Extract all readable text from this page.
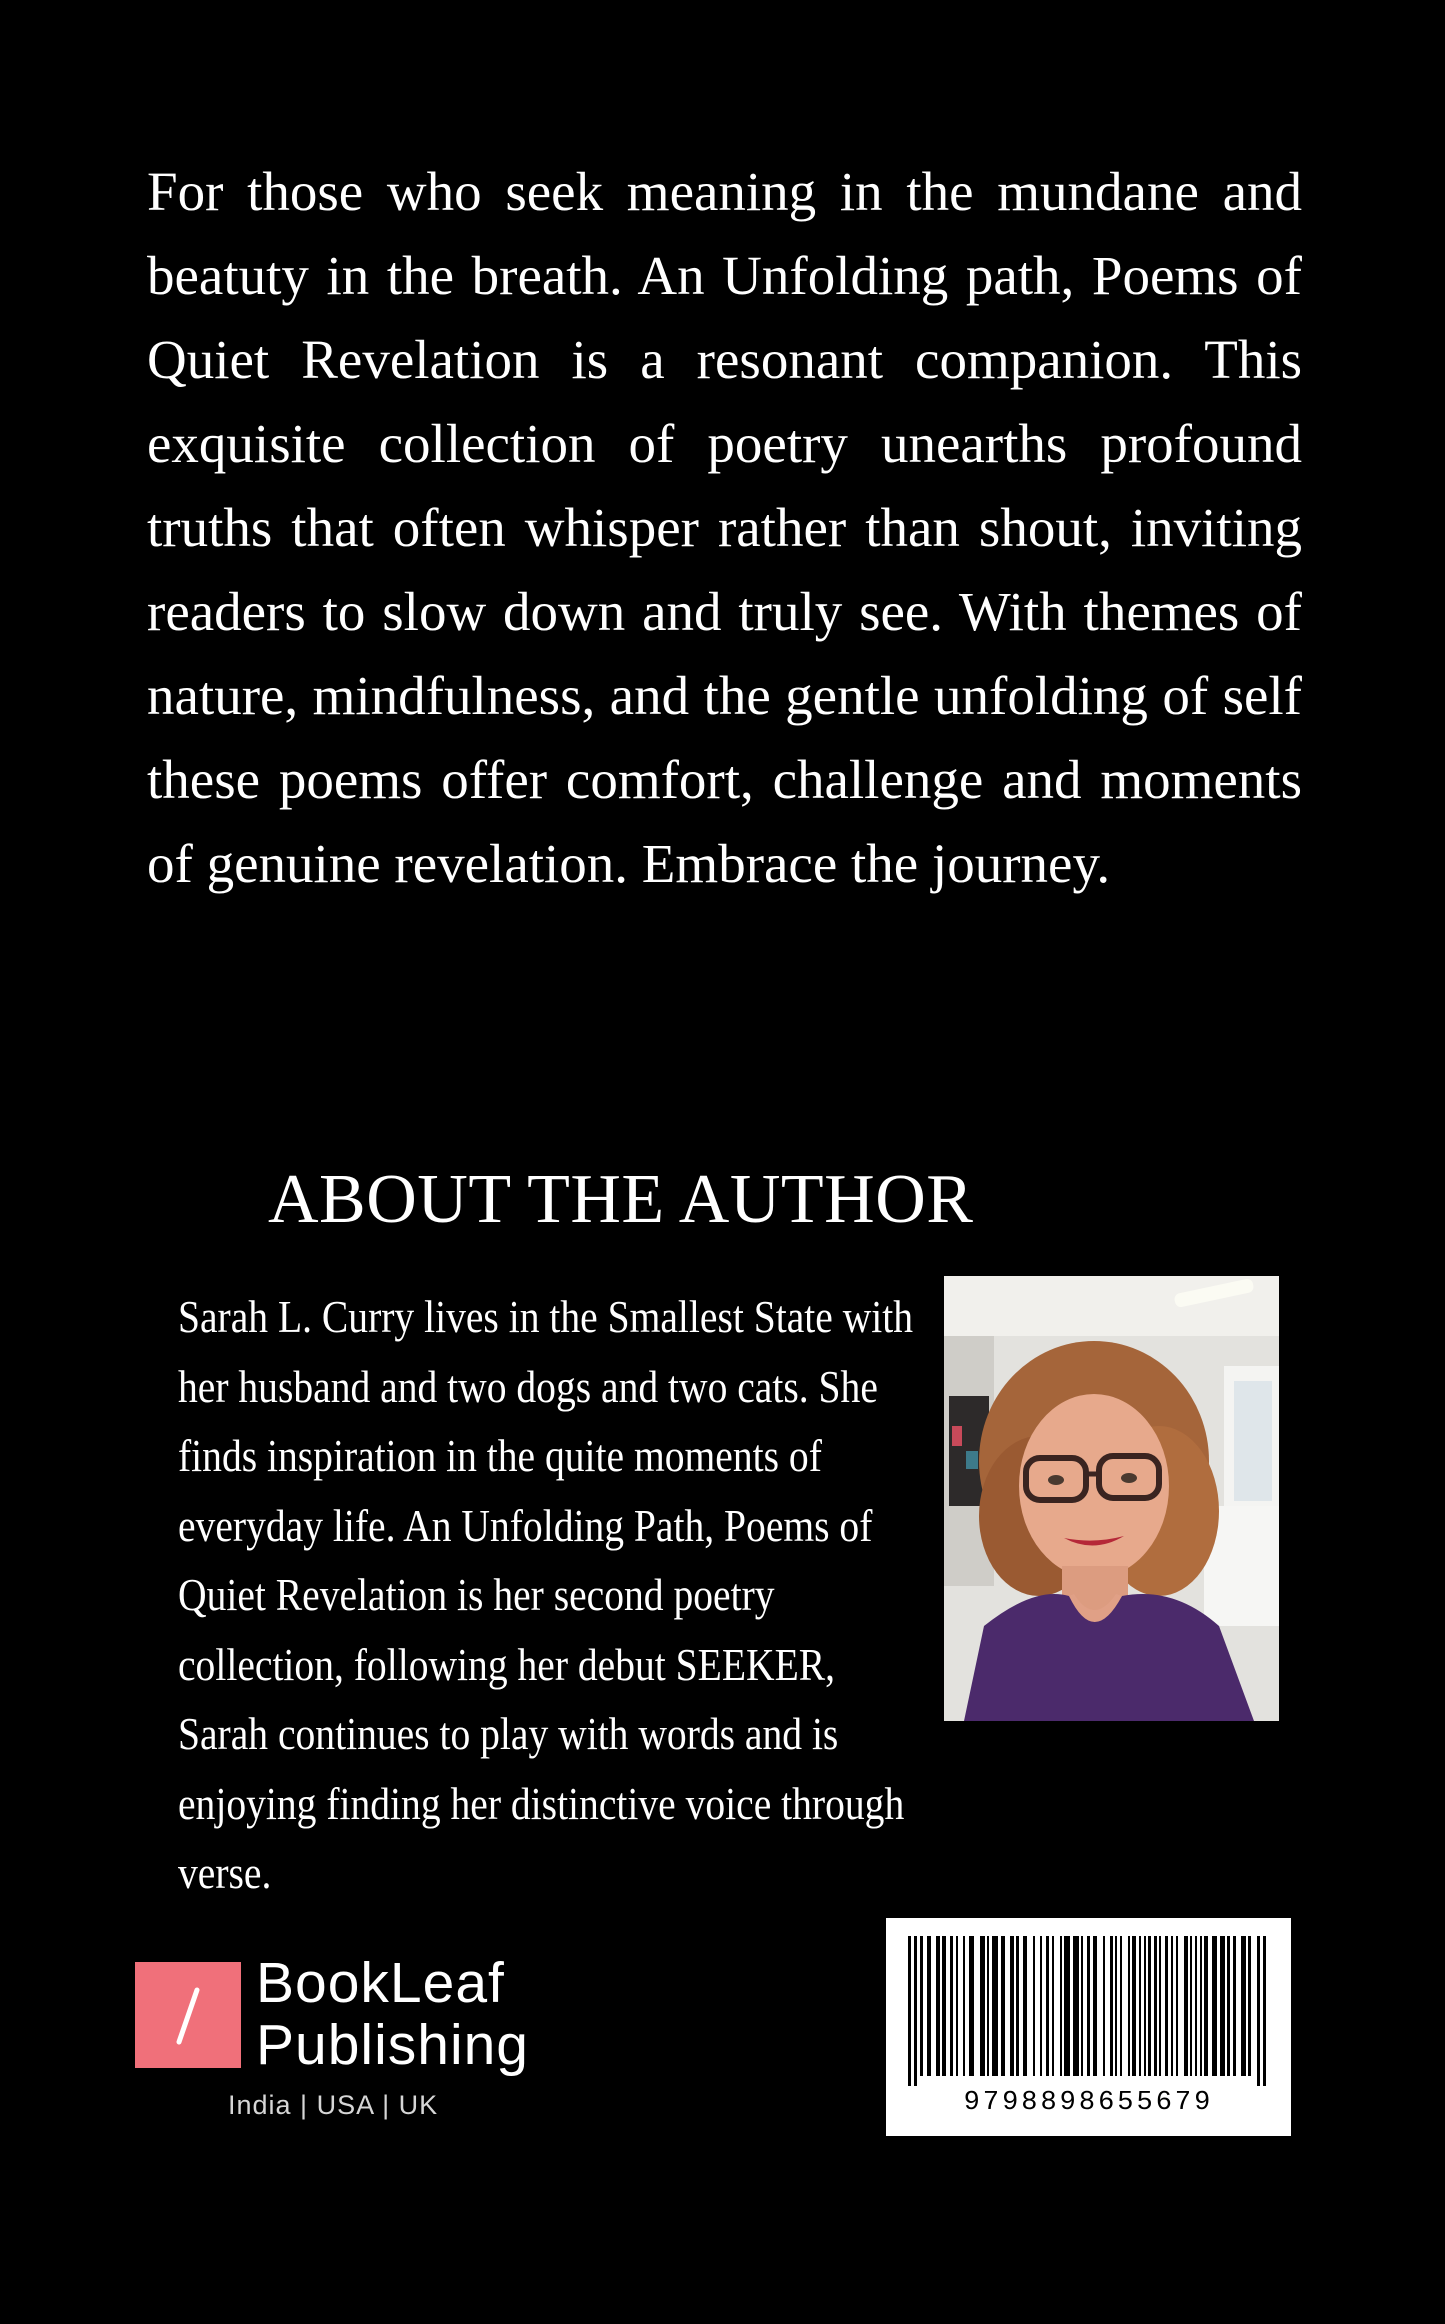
For those who seek meaning in the mundane and beatuty in the breath. An Unfolding path, Poems of Quiet Revelation is a resonant companion. This exquisite collection of poetry unearths profound truths that often whisper rather than shout, inviting readers to slow down and truly see. With themes of nature, mindfulness, and the gentle unfolding of self these poems offer comfort, challenge and moments of genuine revelation. Embrace the journey.

ABOUT THE AUTHOR

Sarah L. Curry lives in the Smallest State with her husband and two dogs and two cats. She finds inspiration in the quite moments of everyday life. An Unfolding Path, Poems of Quiet Revelation is her second poetry collection, following her debut SEEKER, Sarah continues to play with words and is enjoying finding her distinctive voice through verse.

BookLeaf
Publishing
India | USA | UK	9798898655679
